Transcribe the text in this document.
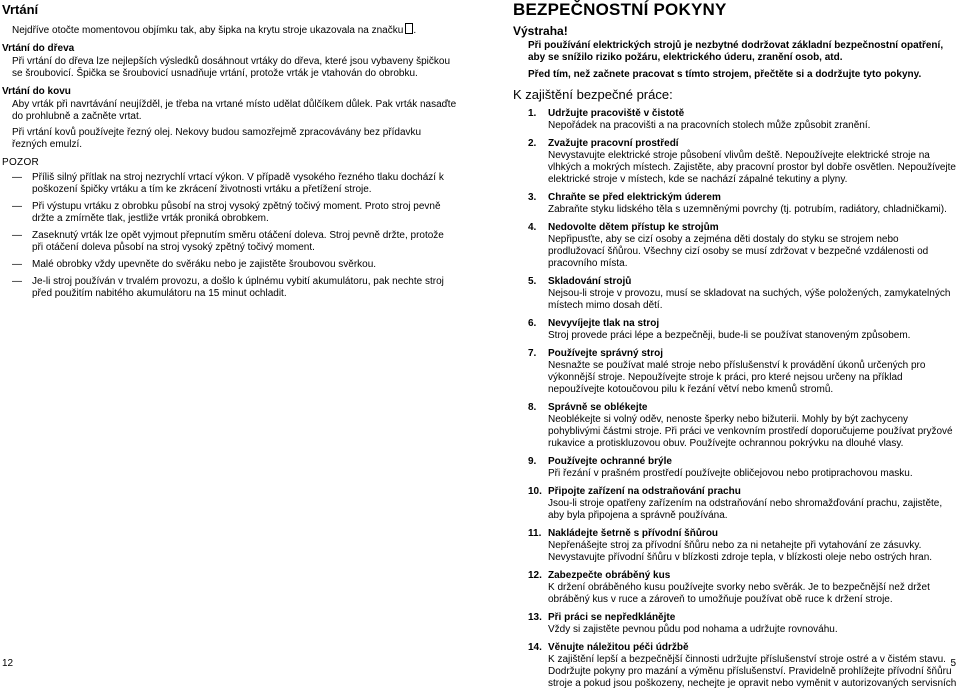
Vrtání

Nejdříve otočte momentovou objímku tak, aby šipka na krytu stroje ukazovala na značku .

Vrtání do dřeva

Při vrtání do dřeva lze nejlepších výsledků dosáhnout vrtáky do dřeva, které jsou vybaveny špičkou se šroubovicí. Špička se šroubovicí usnadňuje vrtání, protože vrták je vtahován do obrobku.

Vrtání do kovu

Aby vrták při navrtávání neujížděl, je třeba na vrtané místo udělat důlčíkem důlek. Pak vrták nasaďte do prohlubně a začněte vrtat.

Při vrtání kovů používejte řezný olej. Nekovy budou samozřejmě zpracovávány bez přídavku řezných emulzí.

POZOR
— Příliš silný přítlak na stroj nezrychlí vrtací výkon. V případě vysokého řezného tlaku dochází k poškození špičky vrtáku a tím ke zkrácení životnosti vrtáku a přetížení stroje.
— Při výstupu vrtáku z obrobku působí na stroj vysoký zpětný točivý moment. Proto stroj pevně držte a zmírněte tlak, jestliže vrták proniká obrobkem.
— Zaseknutý vrták lze opět vyjmout přepnutím směru otáčení doleva. Stroj pevně držte, protože při otáčení doleva působí na stroj vysoký zpětný točivý moment.
— Malé obrobky vždy upevněte do svěráku nebo je zajistěte šroubovou svěrkou.
— Je-li stroj používán v trvalém provozu, a došlo k úplnému vybití akumulátoru, pak nechte stroj před použitím nabitého akumulátoru na 15 minut ochladit.
BEZPEČNOSTNÍ POKYNY
Výstraha!

Při používání elektrických strojů je nezbytné dodržovat základní bezpečnostní opatření, aby se snížilo riziko požáru, elektrického úderu, zranění osob, atd.

Před tím, než začnete pracovat s tímto strojem, přečtěte si a dodržujte tyto pokyny.

K zajištění bezpečné práce:
1. Udržujte pracoviště v čistotě
Nepořádek na pracovišti a na pracovních stolech může způsobit zranění.
2. Zvažujte pracovní prostředí
Nevystavujte elektrické stroje působení vlivům deště. Nepoužívejte elektrické stroje na vlhkých a mokrých místech. Zajistěte, aby pracovní prostor byl dobře osvětlen. Nepoužívejte elektrické stroje v místech, kde se nachází zápalné tekutiny a plyny.
3. Chraňte se před elektrickým úderem
Zabraňte styku lidského těla s uzemněnými povrchy (tj. potrubím, radiátory, chladničkami).
4. Nedovolte dětem přístup ke strojům
Nepřipusťte, aby se cizí osoby a zejména děti dostaly do styku se strojem nebo prodlužovací šňůrou. Všechny cizí osoby se musí zdržovat v bezpečné vzdálenosti od pracovního místa.
5. Skladování strojů
Nejsou-li stroje v provozu, musí se skladovat na suchých, výše položených, zamykatelných místech mimo dosah dětí.
6. Nevyvíjejte tlak na stroj
Stroj provede práci lépe a bezpečněji, bude-li se používat stanoveným způsobem.
7. Používejte správný stroj
Nesnažte se používat malé stroje nebo příslušenství k provádění úkonů určených pro výkonnější stroje. Nepoužívejte stroje k práci, pro které nejsou určeny na příklad nepoužívejte kotoučovou pilu k řezání větví nebo kmenů stromů.
8. Správně se oblékejte
Neoblékejte si volný oděv, nenoste šperky nebo bižuterii. Mohly by být zachyceny pohyblivými částmi stroje. Při práci ve venkovním prostředí doporučujeme používat pryžové rukavice a protiskluzovou obuv. Používejte ochrannou pokrývku na dlouhé vlasy.
9. Používejte ochranné brýle
Při řezání v prašném prostředí používejte obličejovou nebo protiprachovou masku.
10. Připojte zařízení na odstraňování prachu
Jsou-li stroje opatřeny zařízením na odstraňování nebo shromažďování prachu, zajistěte, aby byla připojena a správně používána.
11. Nakládejte šetrně s přívodní šňůrou
Nepřenášejte stroj za přívodní šňůru nebo za ni netahejte při vytahování ze zásuvky. Nevystavujte přívodní šňůru v blízkosti zdroje tepla, v blízkosti oleje nebo ostrých hran.
12. Zabezpečte obráběný kus
K držení obráběného kusu používejte svorky nebo svěrák. Je to bezpečnější než držet obráběný kus v ruce a zároveň to umožňuje používat obě ruce k držení stroje.
13. Při práci se nepředklánějte
Vždy si zajistěte pevnou půdu pod nohama a udržujte rovnováhu.
14. Věnujte náležitou péči údržbě
K zajištění lepší a bezpečnější činnosti udržujte příslušenství stroje ostré a v čistém stavu. Dodržujte pokyny pro mazání a výměnu příslušenství. Pravidelně prohlížejte přívodní šňůru stroje a pokud jsou poškozeny, nechejte je opravit nebo vyměnit v autorizovaných servisních
12	5
